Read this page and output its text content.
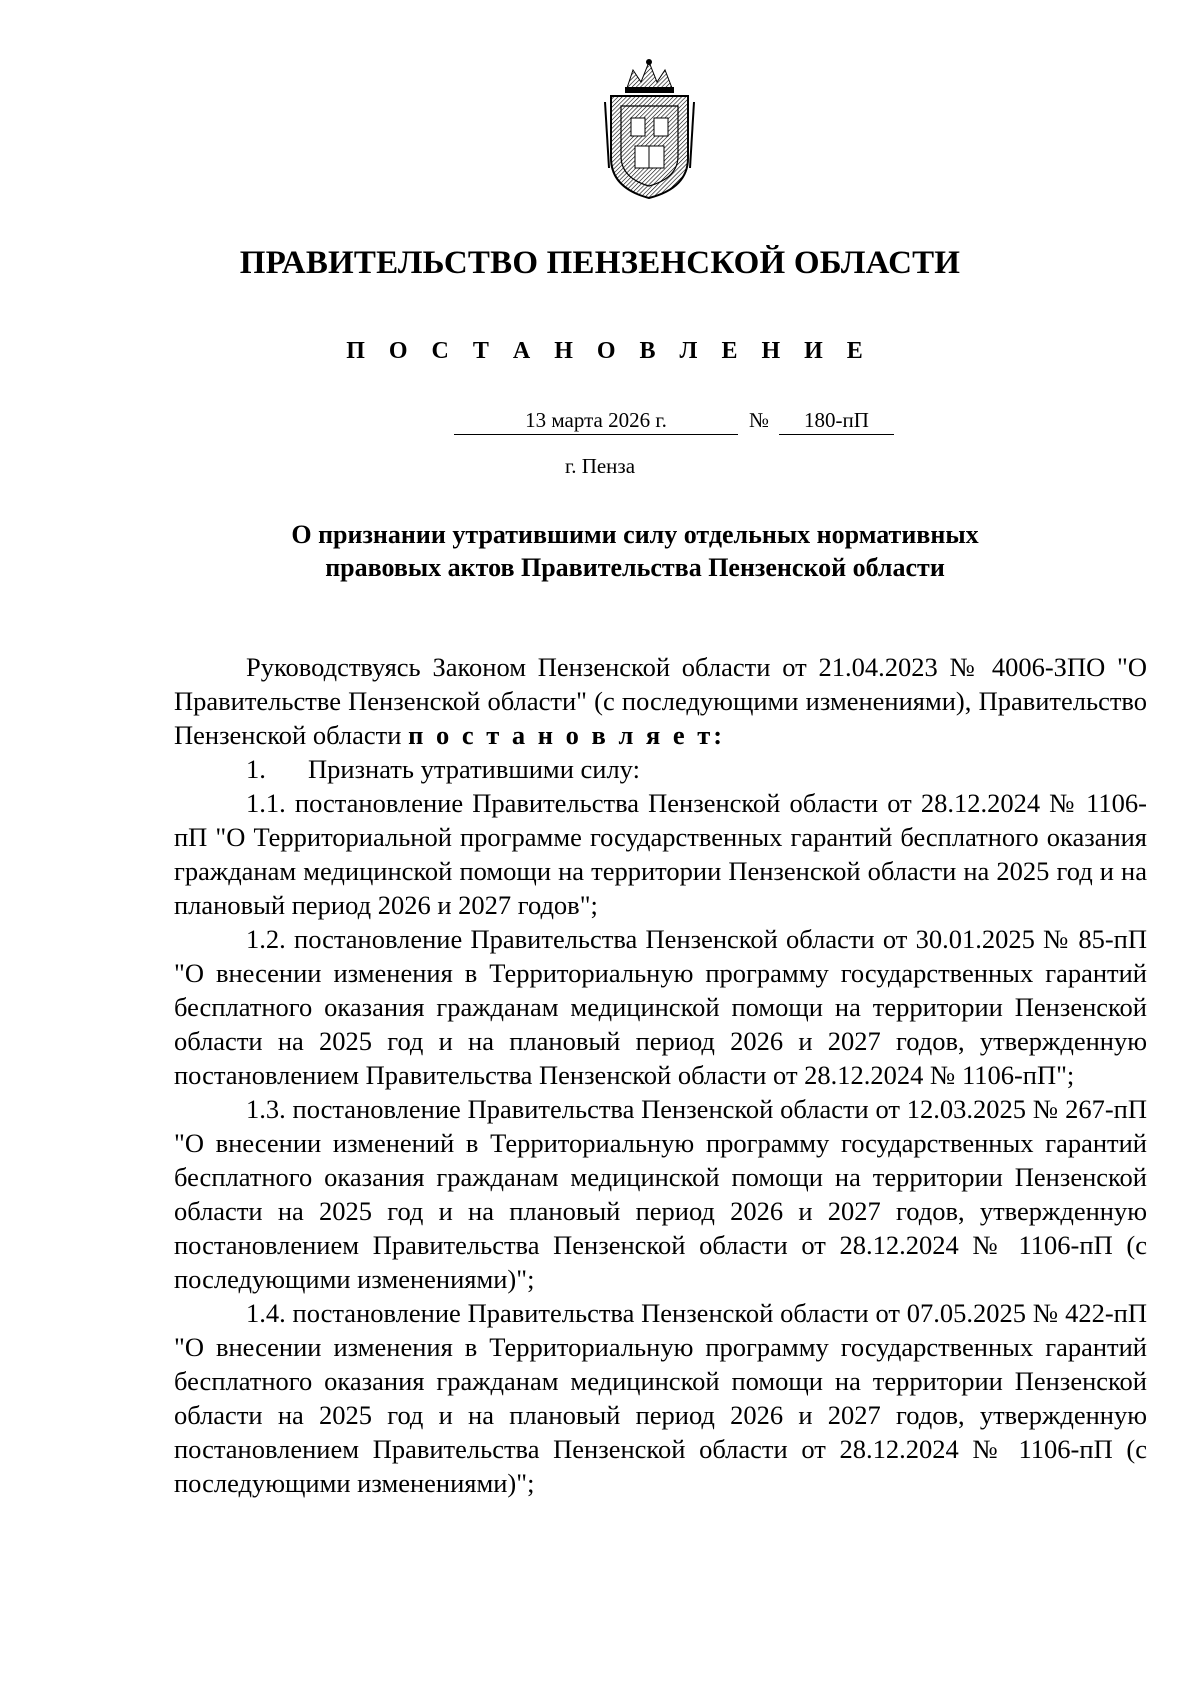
ПРАВИТЕЛЬСТВО ПЕНЗЕНСКОЙ ОБЛАСТИ
П О С Т А Н О В Л Е Н И Е
13 марта 2026 г.	№	180-пП
г. Пенза
О признании утратившими силу отдельных нормативных
правовых актов Правительства Пензенской области

Руководствуясь Законом Пензенской области от 21.04.2023 № 4006-ЗПО "О Правительстве Пензенской области" (с последующими изменениями), Правительство Пензенской области п о с т а н о в л я е т:

1. Признать утратившими силу:

1.1. постановление Правительства Пензенской области от 28.12.2024 № 1106-пП "О Территориальной программе государственных гарантий бесплатного оказания гражданам медицинской помощи на территории Пензенской области на 2025 год и на плановый период 2026 и 2027 годов";

1.2. постановление Правительства Пензенской области от 30.01.2025 № 85-пП "О внесении изменения в Территориальную программу государственных гарантий бесплатного оказания гражданам медицинской помощи на территории Пензенской области на 2025 год и на плановый период 2026 и 2027 годов, утвержденную постановлением Правительства Пензенской области от 28.12.2024 № 1106-пП";

1.3. постановление Правительства Пензенской области от 12.03.2025 № 267-пП "О внесении изменений в Территориальную программу государственных гарантий бесплатного оказания гражданам медицинской помощи на территории Пензенской области на 2025 год и на плановый период 2026 и 2027 годов, утвержденную постановлением Правительства Пензенской области от 28.12.2024 № 1106-пП (с последующими изменениями)";

1.4. постановление Правительства Пензенской области от 07.05.2025 № 422-пП "О внесении изменения в Территориальную программу государственных гарантий бесплатного оказания гражданам медицинской помощи на территории Пензенской области на 2025 год и на плановый период 2026 и 2027 годов, утвержденную постановлением Правительства Пензенской области от 28.12.2024 № 1106-пП (с последующими изменениями)";
